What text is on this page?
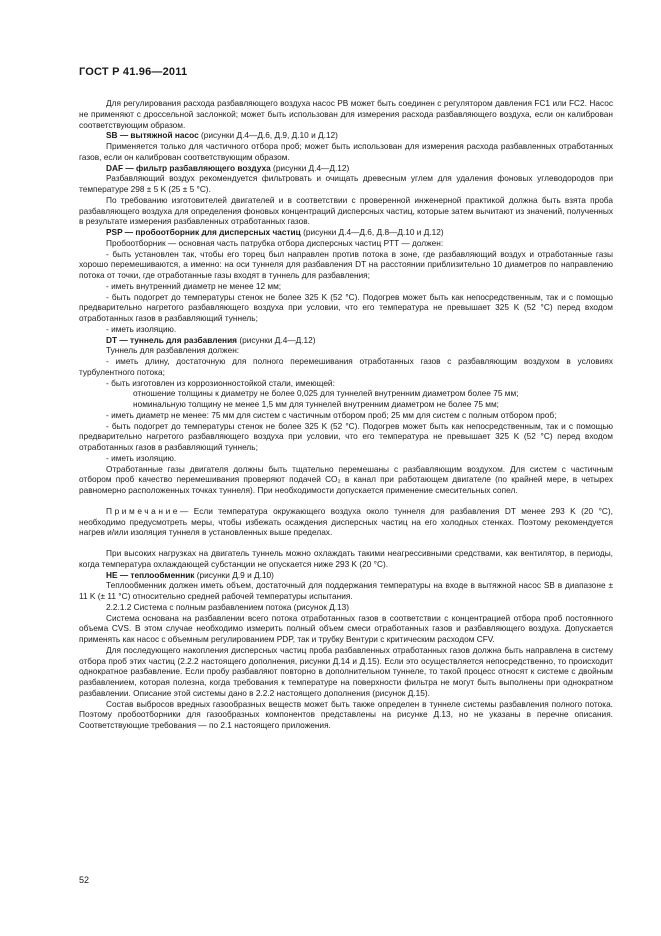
ГОСТ Р 41.96—2011

Для регулирования расхода разбавляющего воздуха насос PB может быть соединен с регулятором давления FC1 или FC2. Насос не применяют с дроссельной заслонкой; может быть использован для измерения расхода разбавляющего воздуха, если он калиброван соответствующим образом.

SB — вытяжной насос (рисунки Д.4—Д.6, Д.9, Д.10 и Д.12)

Применяется только для частичного отбора проб; может быть использован для измерения расхода разбавленных отработанных газов, если он калиброван соответствующим образом.

DAF — фильтр разбавляющего воздуха (рисунки Д.4—Д.12)

Разбавляющий воздух рекомендуется фильтровать и очищать древесным углем для удаления фоновых углеводородов при температуре 298 ± 5 K (25 ± 5 °C).

По требованию изготовителей двигателей и в соответствии с проверенной инженерной практикой должна быть взята проба разбавляющего воздуха для определения фоновых концентраций дисперсных частиц, которые затем вычитают из значений, полученных в результате измерения разбавленных отработанных газов.

PSP — пробоотборник для дисперсных частиц (рисунки Д.4—Д.6, Д.8—Д.10 и Д.12)

Пробоотборник — основная часть патрубка отбора дисперсных частиц PTT — должен:

- быть установлен так, чтобы его торец был направлен против потока в зоне, где разбавляющий воздух и отработанные газы хорошо перемешиваются, а именно: на оси туннеля для разбавления DT на расстоянии приблизительно 10 диаметров по направлению потока от точки, где отработанные газы входят в туннель для разбавления;

- иметь внутренний диаметр не менее 12 мм;

- быть подогрет до температуры стенок не более 325 K (52 °C). Подогрев может быть как непосредственным, так и с помощью предварительно нагретого разбавляющего воздуха при условии, что его температура не превышает 325 K (52 °C) перед входом отработанных газов в разбавляющий туннель;

- иметь изоляцию.

DT — туннель для разбавления (рисунки Д.4—Д.12)

Туннель для разбавления должен:

- иметь длину, достаточную для полного перемешивания отработанных газов с разбавляющим воздухом в условиях турбулентного потока;

- быть изготовлен из коррозионностойкой стали, имеющей:

отношение толщины к диаметру не более 0,025 для туннелей внутренним диаметром более 75 мм;

номинальную толщину не менее 1,5 мм для туннелей внутренним диаметром не более 75 мм;

- иметь диаметр не менее: 75 мм для систем с частичным отбором проб; 25 мм для систем с полным отбором проб;

- быть подогрет до температуры стенок не более 325 K (52 °C). Подогрев может быть как непосредственным, так и с помощью предварительно нагретого разбавляющего воздуха при условии, что его температура не превышает 325 K (52 °C) перед входом отработанных газов в разбавляющий туннель;

- иметь изоляцию.

Отработанные газы двигателя должны быть тщательно перемешаны с разбавляющим воздухом. Для систем с частичным отбором проб качество перемешивания проверяют подачей CO₂ в канал при работающем двигателе (по крайней мере, в четырех равномерно расположенных точках туннеля). При необходимости допускается применение смесительных сопел.

Примечание— Если температура окружающего воздуха около туннеля для разбавления DT менее 293 K (20 °C), необходимо предусмотреть меры, чтобы избежать осаждения дисперсных частиц на его холодных стенках. Поэтому рекомендуется нагрев и/или изоляция туннеля в установленных выше пределах.

При высоких нагрузках на двигатель туннель можно охлаждать такими неагрессивными средствами, как вентилятор, в периоды, когда температура охлаждающей субстанции не опускается ниже 293 K (20 °C).

HE — теплообменник (рисунки Д.9 и Д.10)

Теплообменник должен иметь объем, достаточный для поддержания температуры на входе в вытяжной насос SB в диапазоне ± 11 K (± 11 °C) относительно средней рабочей температуры испытания.

2.2.1.2 Система с полным разбавлением потока (рисунок Д.13)

Система основана на разбавлении всего потока отработанных газов в соответствии с концентрацией отбора проб постоянного объема CVS. В этом случае необходимо измерить полный объем смеси отработанных газов и разбавляющего воздуха. Допускается применять как насос с объемным регулированием PDP, так и трубку Вентури с критическим расходом CFV.

Для последующего накопления дисперсных частиц проба разбавленных отработанных газов должна быть направлена в систему отбора проб этих частиц (2.2.2 настоящего дополнения, рисунки Д.14 и Д.15). Если это осуществляется непосредственно, то происходит однократное разбавление. Если пробу разбавляют повторно в дополнительном туннеле, то такой процесс относят к системе с двойным разбавлением, которая полезна, когда требования к температуре на поверхности фильтра не могут быть выполнены при однократном разбавлении. Описание этой системы дано в 2.2.2 настоящего дополнения (рисунок Д.15).

Состав выбросов вредных газообразных веществ может быть также определен в туннеле системы разбавления полного потока. Поэтому пробоотборники для газообразных компонентов представлены на рисунке Д.13, но не указаны в перечне описания. Соответствующие требования — по 2.1 настоящего приложения.

52
